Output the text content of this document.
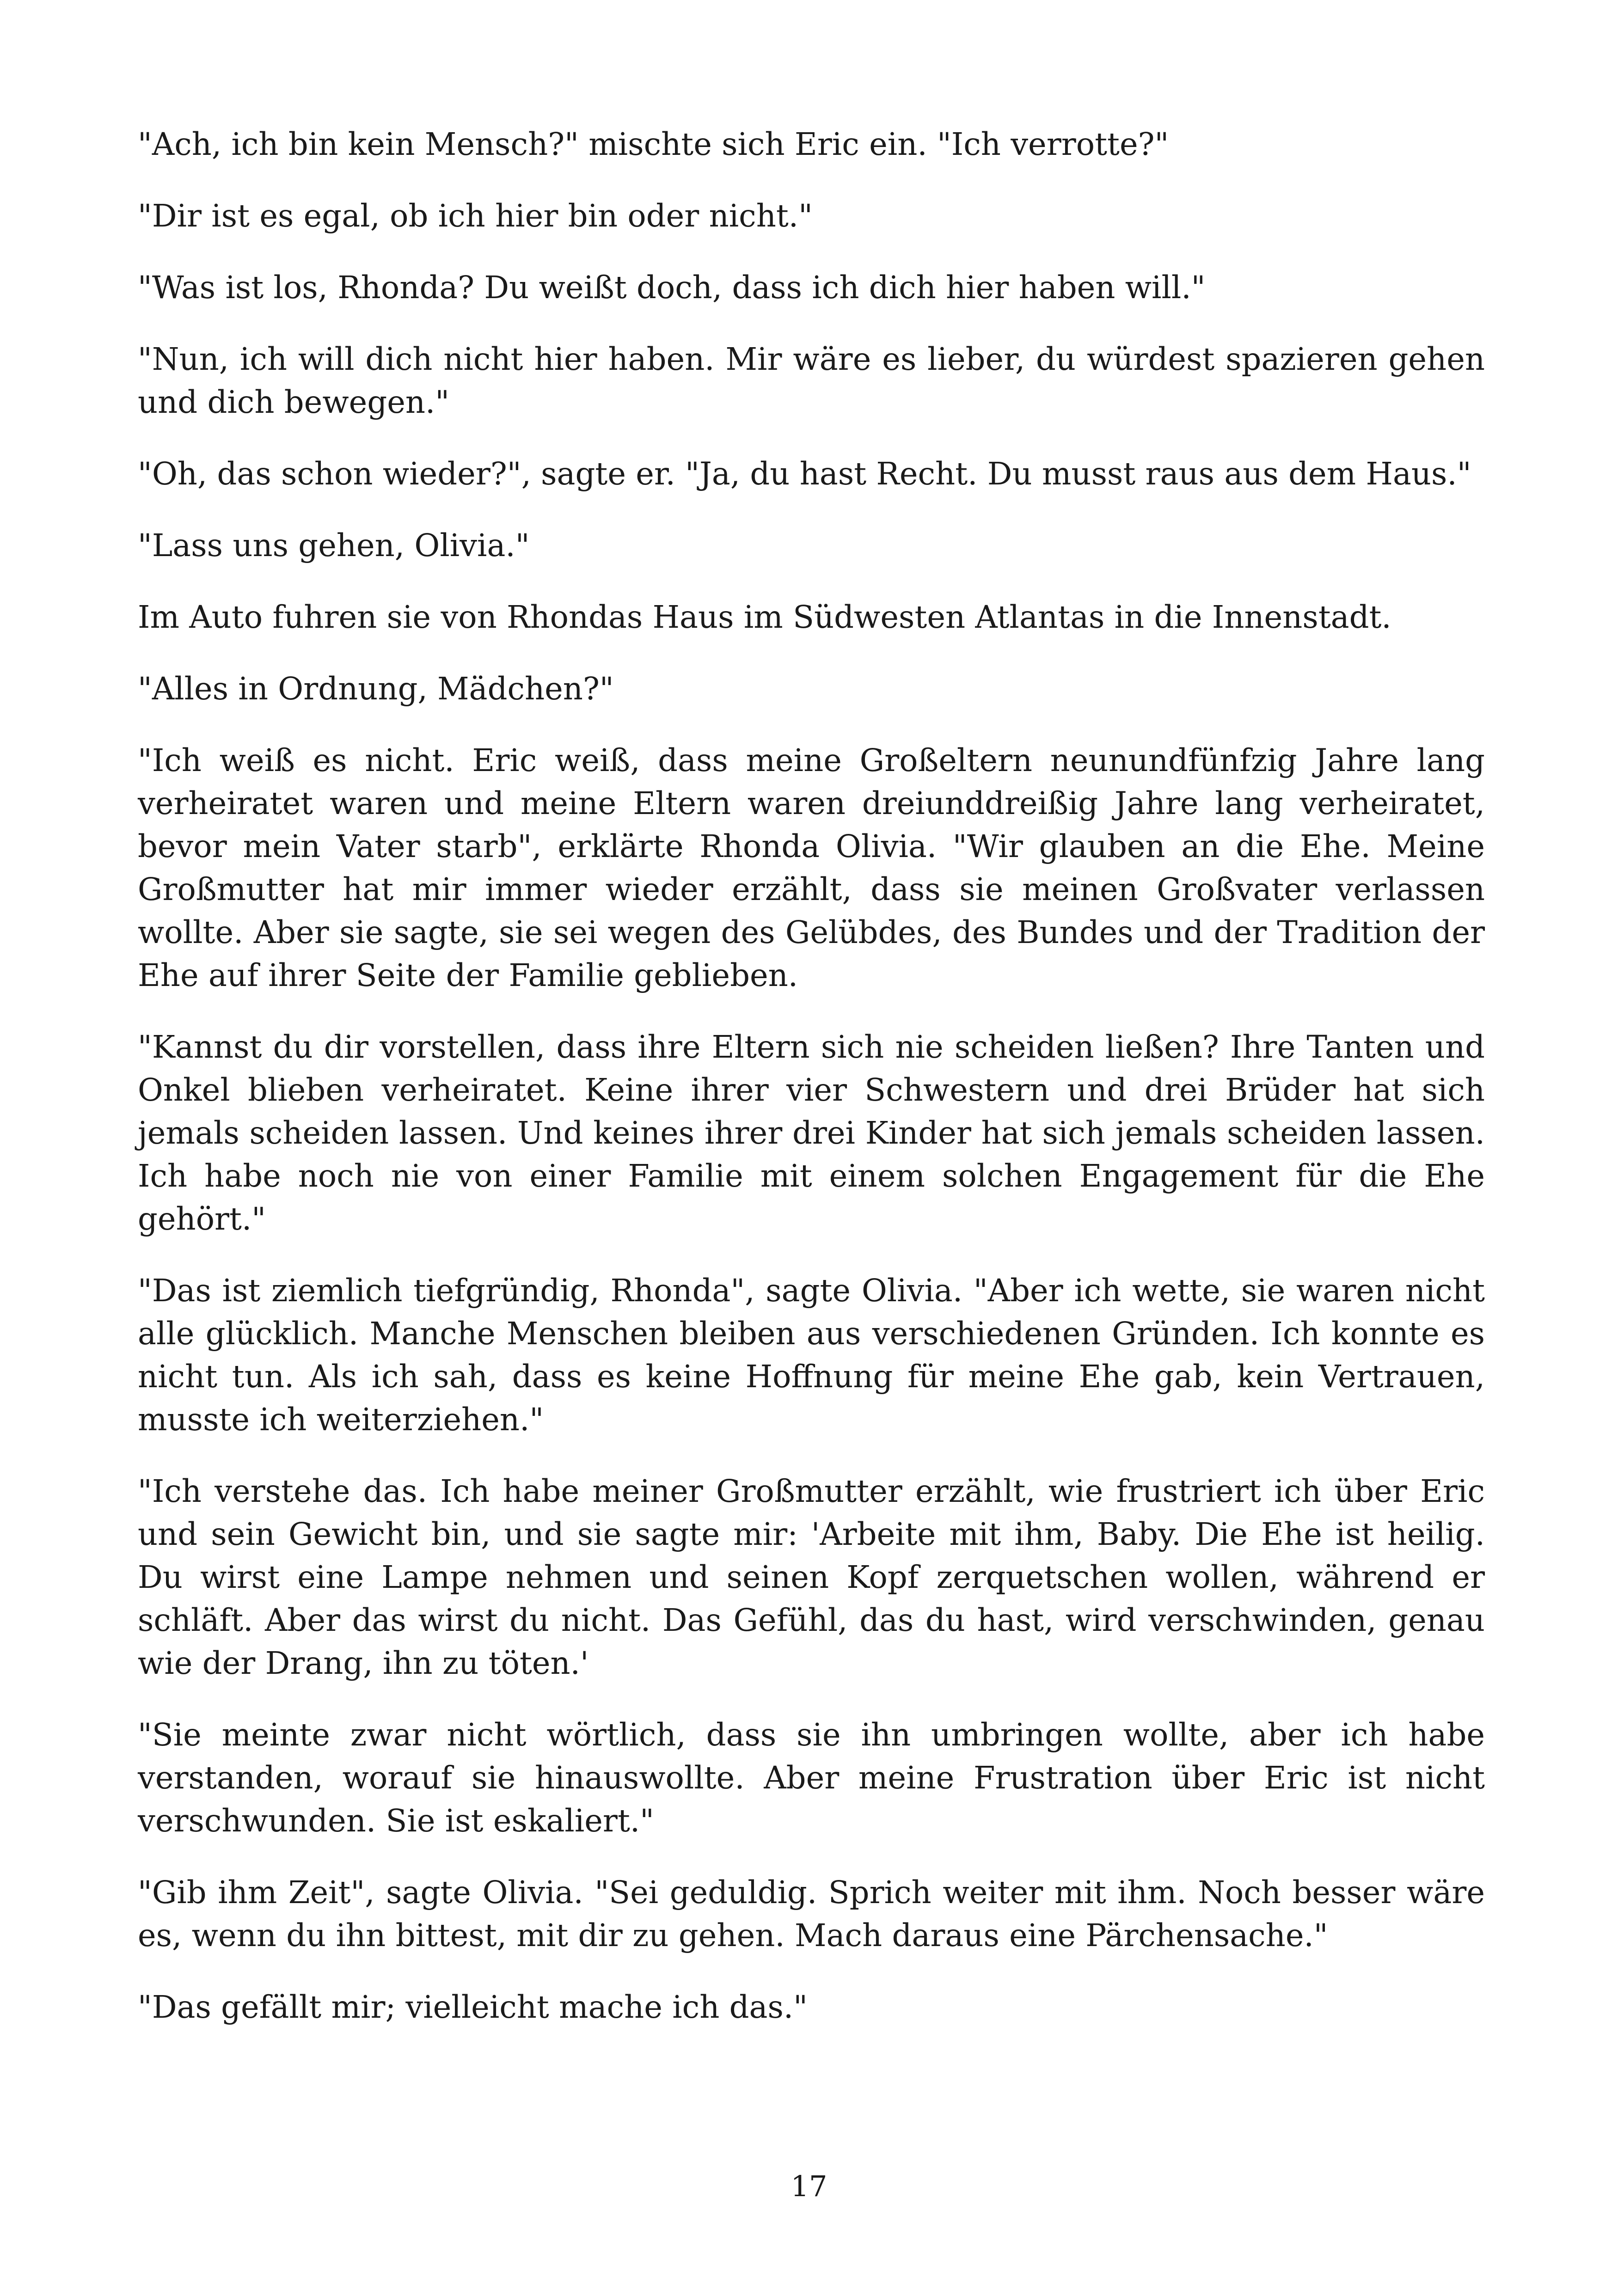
"Ach, ich bin kein Mensch?" mischte sich Eric ein. "Ich verrotte?"

"Dir ist es egal, ob ich hier bin oder nicht."

"Was ist los, Rhonda? Du weißt doch, dass ich dich hier haben will."

"Nun, ich will dich nicht hier haben. Mir wäre es lieber, du würdest spazieren gehen und dich bewegen."

"Oh, das schon wieder?", sagte er. "Ja, du hast Recht. Du musst raus aus dem Haus."

"Lass uns gehen, Olivia."

Im Auto fuhren sie von Rhondas Haus im Südwesten Atlantas in die Innenstadt.

"Alles in Ordnung, Mädchen?"

"Ich weiß es nicht. Eric weiß, dass meine Großeltern neunundfünfzig Jahre lang verheiratet waren und meine Eltern waren dreiunddreißig Jahre lang verheiratet, bevor mein Vater starb", erklärte Rhonda Olivia. "Wir glauben an die Ehe. Meine Großmutter hat mir immer wieder erzählt, dass sie meinen Großvater verlassen wollte. Aber sie sagte, sie sei wegen des Gelübdes, des Bundes und der Tradition der Ehe auf ihrer Seite der Familie geblieben.

"Kannst du dir vorstellen, dass ihre Eltern sich nie scheiden ließen? Ihre Tanten und Onkel blieben verheiratet. Keine ihrer vier Schwestern und drei Brüder hat sich jemals scheiden lassen. Und keines ihrer drei Kinder hat sich jemals scheiden lassen. Ich habe noch nie von einer Familie mit einem solchen Engagement für die Ehe gehört."

"Das ist ziemlich tiefgründig, Rhonda", sagte Olivia. "Aber ich wette, sie waren nicht alle glücklich. Manche Menschen bleiben aus verschiedenen Gründen. Ich konnte es nicht tun. Als ich sah, dass es keine Hoffnung für meine Ehe gab, kein Vertrauen, musste ich weiterziehen."

"Ich verstehe das. Ich habe meiner Großmutter erzählt, wie frustriert ich über Eric und sein Gewicht bin, und sie sagte mir: 'Arbeite mit ihm, Baby. Die Ehe ist heilig. Du wirst eine Lampe nehmen und seinen Kopf zerquetschen wollen, während er schläft. Aber das wirst du nicht. Das Gefühl, das du hast, wird verschwinden, genau wie der Drang, ihn zu töten.'

"Sie meinte zwar nicht wörtlich, dass sie ihn umbringen wollte, aber ich habe verstanden, worauf sie hinauswollte. Aber meine Frustration über Eric ist nicht verschwunden. Sie ist eskaliert."

"Gib ihm Zeit", sagte Olivia. "Sei geduldig. Sprich weiter mit ihm. Noch besser wäre es, wenn du ihn bittest, mit dir zu gehen. Mach daraus eine Pärchensache."

"Das gefällt mir; vielleicht mache ich das."

17
